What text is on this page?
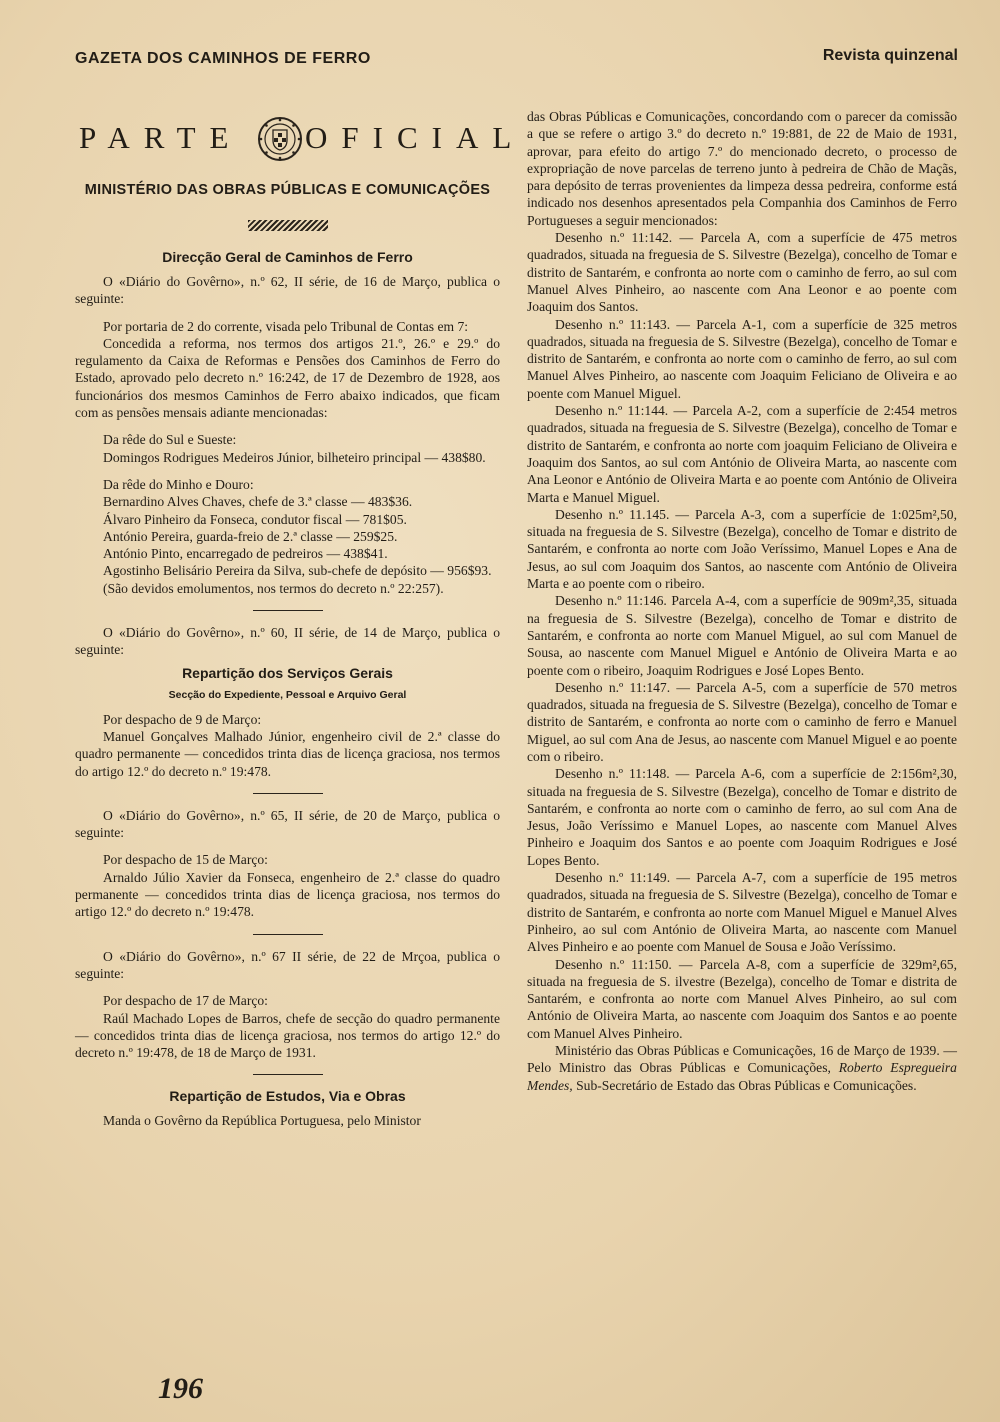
GAZETA DOS CAMINHOS DE FERRO	Revista quinzenal
PARTE OFICIAL
MINISTÉRIO DAS OBRAS PÚBLICAS E COMUNICAÇÕES
Direcção Geral de Caminhos de Ferro

O «Diário do Govêrno», n.º 62, II série, de 16 de Março, publica o seguinte:

Por portaria de 2 do corrente, visada pelo Tribunal de Contas em 7:

Concedida a reforma, nos termos dos artigos 21.º, 26.º e 29.º do regulamento da Caixa de Reformas e Pensões dos Caminhos de Ferro do Estado, aprovado pelo decreto n.º 16:242, de 17 de Dezembro de 1928, aos funcionários dos mesmos Caminhos de Ferro abaixo indicados, que ficam com as pensões mensais adiante mencionadas:

Da rêde do Sul e Sueste:

Domingos Rodrigues Medeiros Júnior, bilheteiro principal — 438$80.

Da rêde do Minho e Douro:

Bernardino Alves Chaves, chefe de 3.ª classe — 483$36.

Álvaro Pinheiro da Fonseca, condutor fiscal — 781$05.

António Pereira, guarda-freio de 2.ª classe — 259$25.

António Pinto, encarregado de pedreiros — 438$41.

Agostinho Belisário Pereira da Silva, sub-chefe de depósito — 956$93.

(São devidos emolumentos, nos termos do decreto n.º 22:257).

O «Diário do Govêrno», n.º 60, II série, de 14 de Março, publica o seguinte:

Repartição dos Serviços Gerais
Secção do Expediente, Pessoal e Arquivo Geral

Por despacho de 9 de Março:

Manuel Gonçalves Malhado Júnior, engenheiro civil de 2.ª classe do quadro permanente — concedidos trinta dias de licença graciosa, nos termos do artigo 12.º do decreto n.º 19:478.

O «Diário do Govêrno», n.º 65, II série, de 20 de Março, publica o seguinte:

Por despacho de 15 de Março:

Arnaldo Júlio Xavier da Fonseca, engenheiro de 2.ª classe do quadro permanente — concedidos trinta dias de licença graciosa, nos termos do artigo 12.º do decreto n.º 19:478.

O «Diário do Govêrno», n.º 67 II série, de 22 de Mrçoa, publica o seguinte:

Por despacho de 17 de Março:

Raúl Machado Lopes de Barros, chefe de secção do quadro permanente — concedidos trinta dias de licença graciosa, nos termos do artigo 12.º do decreto n.º 19:478, de 18 de Março de 1931.

Repartição de Estudos, Via e Obras

Manda o Govêrno da República Portuguesa, pelo Ministor

das Obras Públicas e Comunicações, concordando com o parecer da comissão a que se refere o artigo 3.º do decreto n.º 19:881, de 22 de Maio de 1931, aprovar, para efeito do artigo 7.º do mencionado decreto, o processo de expropriação de nove parcelas de terreno junto à pedreira de Chão de Maçãs, para depósito de terras provenientes da limpeza dessa pedreira, conforme está indicado nos desenhos apresentados pela Companhia dos Caminhos de Ferro Portugueses a seguir mencionados:

Desenho n.º 11:142. — Parcela A, com a superfície de 475 metros quadrados, situada na freguesia de S. Silvestre (Bezelga), concelho de Tomar e distrito de Santarém, e confronta ao norte com o caminho de ferro, ao sul com Manuel Alves Pinheiro, ao nascente com Ana Leonor e ao poente com Joaquim dos Santos.

Desenho n.º 11:143. — Parcela A-1, com a superfície de 325 metros quadrados, situada na freguesia de S. Silvestre (Bezelga), concelho de Tomar e distrito de Santarém, e confronta ao norte com o caminho de ferro, ao sul com Manuel Alves Pinheiro, ao nascente com Joaquim Feliciano de Oliveira e ao poente com Manuel Miguel.

Desenho n.º 11:144. — Parcela A-2, com a superfície de 2:454 metros quadrados, situada na freguesia de S. Silvestre (Bezelga), concelho de Tomar e distrito de Santarém, e confronta ao norte com joaquim Feliciano de Oliveira e Joaquim dos Santos, ao sul com António de Oliveira Marta, ao nascente com Ana Leonor e António de Oliveira Marta e ao poente com António de Oliveira Marta e Manuel Miguel.

Desenho n.º 11.145. — Parcela A-3, com a superfície de 1:025m²,50, situada na freguesia de S. Silvestre (Bezelga), concelho de Tomar e distrito de Santarém, e confronta ao norte com João Veríssimo, Manuel Lopes e Ana de Jesus, ao sul com Joaquim dos Santos, ao nascente com António de Oliveira Marta e ao poente com o ribeiro.

Desenho n.º 11:146. Parcela A-4, com a superfície de 909m²,35, situada na freguesia de S. Silvestre (Bezelga), concelho de Tomar e distrito de Santarém, e confronta ao norte com Manuel Miguel, ao sul com Manuel de Sousa, ao nascente com Manuel Miguel e António de Oliveira Marta e ao poente com o ribeiro, Joaquim Rodrigues e José Lopes Bento.

Desenho n.º 11:147. — Parcela A-5, com a superfície de 570 metros quadrados, situada na freguesia de S. Silvestre (Bezelga), concelho de Tomar e distrito de Santarém, e confronta ao norte com o caminho de ferro e Manuel Miguel, ao sul com Ana de Jesus, ao nascente com Manuel Miguel e ao poente com o ribeiro.

Desenho n.º 11:148. — Parcela A-6, com a superfície de 2:156m²,30, situada na freguesia de S. Silvestre (Bezelga), concelho de Tomar e distrito de Santarém, e confronta ao norte com o caminho de ferro, ao sul com Ana de Jesus, João Veríssimo e Manuel Lopes, ao nascente com Manuel Alves Pinheiro e Joaquim dos Santos e ao poente com Joaquim Rodrigues e José Lopes Bento.

Desenho n.º 11:149. — Parcela A-7, com a superfície de 195 metros quadrados, situada na freguesia de S. Silvestre (Bezelga), concelho de Tomar e distrito de Santarém, e confronta ao norte com Manuel Miguel e Manuel Alves Pinheiro, ao sul com António de Oliveira Marta, ao nascente com Manuel Alves Pinheiro e ao poente com Manuel de Sousa e João Veríssimo.

Desenho n.º 11:150. — Parcela A-8, com a superfície de 329m²,65, situada na freguesia de S. ilvestre (Bezelga), concelho de Tomar e distrita de Santarém, e confronta ao norte com Manuel Alves Pinheiro, ao sul com António de Oliveira Marta, ao nascente com Joaquim dos Santos e ao poente com Manuel Alves Pinheiro.

Ministério das Obras Públicas e Comunicações, 16 de Março de 1939. — Pelo Ministro das Obras Públicas e Comunicações, Roberto Espregueira Mendes, Sub-Secretário de Estado das Obras Públicas e Comunicações.

196
